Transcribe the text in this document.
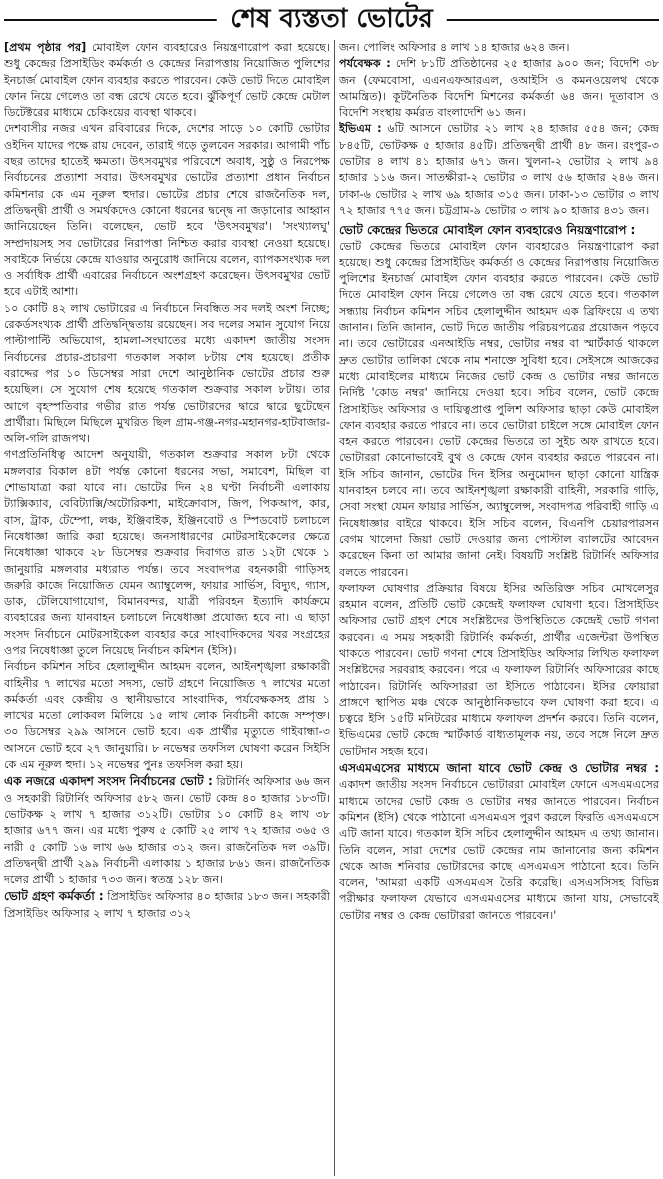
শেষ ব্যস্ততা ভোটের

[প্রথম পৃষ্ঠার পর] মোবাইল ফোন ব্যবহারেও নিয়ন্ত্রণারোপ করা হয়েছে। শুধু কেন্দ্রের প্রিসাইডিং কর্মকর্তা ও কেন্দ্রের নিরাপত্তায় নিয়োজিত পুলিশের ইনচার্জ মোবাইল ফোন ব্যবহার করতে পারবেন। কেউ ভোট দিতে মোবাইল ফোন নিয়ে গেলেও তা বন্ধ রেখে যেতে হবে। ঝুঁকিপূর্ণ ভোট কেন্দ্রে মেটাল ডিটেক্টরের মাধ্যমে চেকিংয়ের ব্যবস্থা থাকবে।

দেশবাসীর নজর এখন রবিবারের দিকে, দেশের সাড়ে ১০ কোটি ভোটার ওইদিন যাদের পক্ষে রায় দেবেন, তারাই গড়ে তুলবেন সরকার। আগামী পাঁচ বছর তাদের হাতেই ক্ষমতা। উৎসবমুখর পরিবেশে অবাধ, সুষ্ঠু ও নিরপেক্ষ নির্বাচনের প্রত্যাশা সবার। উৎসবমুখর ভোটের প্রত্যাশা প্রধান নির্বাচন কমিশনার কে এম নূরুল হুদার। ভোটের প্রচার শেষে রাজনৈতিক দল, প্রতিদ্বন্দ্বী প্রার্থী ও সমর্থকদেও কোনো ধরনের দ্বন্দ্বে না জড়ানোর আহ্বান জানিয়েছেন তিনি। বলেছেন, ভোট হবে 'উৎসবমুখর'। 'সংখ্যালঘু' সম্প্রদায়সহ সব ভোটারের নিরাপত্তা নিশ্চিত করার ব্যবস্থা নেওয়া হয়েছে। সবাইকে নির্ভয়ে কেন্দ্রে যাওয়ার অনুরোধ জানিয়ে বলেন, ব্যাপকসংখ্যক দল ও সর্বাধিক প্রার্থী এবারের নির্বাচনে অংশগ্রহণ করেছেন। উৎসবমুখর ভোট হবে এটাই আশা।

১০ কোটি ৪২ লাখ ভোটারের এ নির্বাচনে নিবন্ধিত সব দলই অংশ নিচ্ছে; রেকর্ডসংখ্যক প্রার্থী প্রতিদ্বন্দ্বিতায় রয়েছেন। সব দলের সমান সুযোগ নিয়ে পাল্টাপাল্টি অভিযোগ, হামলা-সংঘাতের মধ্যে একাদশ জাতীয় সংসদ নির্বাচনের প্রচার-প্রচারণা গতকাল সকাল ৮টায় শেষ হয়েছে। প্রতীক বরাদ্দের পর ১০ ডিসেম্বর সারা দেশে আনুষ্ঠানিক ভোটের প্রচার শুরু হয়েছিল। সে সুযোগ শেষ হয়েছে গতকাল শুক্রবার সকাল ৮টায়। তার আগে বৃহস্পতিবার গভীর রাত পর্যন্ত ভোটারদের দ্বারে দ্বারে ছুটেছেন প্রার্থীরা। মিছিলে মিছিলে মুখরিত ছিল গ্রাম-গঞ্জ-নগর-মহানগর-হাটবাজার-অলি-গলি রাজপথ।

গণপ্রতিনিধিত্ব আদেশ অনুযায়ী, গতকাল শুক্রবার সকাল ৮টা থেকে মঙ্গলবার বিকাল ৪টা পর্যন্ত কোনো ধরনের সভা, সমাবেশ, মিছিল বা শোভাযাত্রা করা যাবে না। ভোটের দিন ২৪ ঘণ্টা নির্বাচনী এলাকায় ট্যাক্সিক্যাব, বেবিট্যাক্সি/অটোরিকশা, মাইক্রোবাস, জিপ, পিকআপ, কার, বাস, ট্রাক, টেম্পো, লঞ্চ, ইঞ্জিবাইক, ইঞ্জিনবোট ও স্পিডবোট চলাচলে নিষেধাজ্ঞা জারি করা হয়েছে। জনসাধারণের মোটরসাইকেলের ক্ষেত্রে নিষেধাজ্ঞা থাকবে ২৮ ডিসেম্বর শুক্রবার দিবাগত রাত ১২টা থেকে ১ জানুয়ারি মঙ্গলবার মধ্যরাত পর্যন্ত। তবে সংবাদপত্র বহনকারী গাড়িসহ জরুরি কাজে নিয়োজিত যেমন অ্যাম্বুলেন্স, ফায়ার সার্ভিস, বিদ্যুৎ, গ্যাস, ডাক, টেলিযোগাযোগ, বিমানবন্দর, যাত্রী পরিবহন ইত্যাদি কার্যক্রমে ব্যবহারের জন্য যানবাহন চলাচলে নিষেধাজ্ঞা প্রযোজ্য হবে না। এ ছাড়া সংসদ নির্বাচনে মোটরসাইকেল ব্যবহার করে সাংবাদিকদের খবর সংগ্রহের ওপর নিষেধাজ্ঞা তুলে নিয়েছে নির্বাচন কমিশন (ইসি)।

নির্বাচন কমিশন সচিব হেলালুদ্দীন আহমদ বলেন, আইনশৃঙ্খলা রক্ষাকারী বাহিনীর ৭ লাখের মতো সদস্য, ভোট গ্রহণে নিয়োজিত ৭ লাখের মতো কর্মকর্তা এবং কেন্দ্রীয় ও স্থানীয়ভাবে সাংবাদিক, পর্যবেক্ষকসহ প্রায় ১ লাখের মতো লোকবল মিলিয়ে ১৫ লাখ লোক নির্বাচনী কাজে সম্পৃক্ত। ৩০ ডিসেম্বর ২৯৯ আসনে ভোট হবে। এক প্রার্থীর মৃত্যুতে গাইবান্ধা-৩ আসনে ভোট হবে ২৭ জানুয়ারি। ৮ নভেম্বর তফসিল ঘোষণা করেন সিইসি কে এম নূরুল হুদা। ১২ নভেম্বর পুনঃ তফসিল করা হয়।

এক নজরে একাদশ সংসদ নির্বাচনের ভোট : রিটার্নিং অফিসার ৬৬ জন ও সহকারী রিটার্নিং অফিসার ৫৮২ জন। ভোট কেন্দ্র ৪০ হাজার ১৮৩টি। ভোটকক্ষ ২ লাখ ৭ হাজার ৩১২টি। ভোটার ১০ কোটি ৪২ লাখ ৩৮ হাজার ৬৭৭ জন। এর মধ্যে পুরুষ ৫ কোটি ২৫ লাখ ৭২ হাজার ৩৬৫ ও নারী ৫ কোটি ১৬ লাখ ৬৬ হাজার ৩১২ জন। রাজনৈতিক দল ৩৯টি। প্রতিদ্বন্দ্বী প্রার্থী ২৯৯ নির্বাচনী এলাকায় ১ হাজার ৮৬১ জন। রাজনৈতিক দলের প্রার্থী ১ হাজার ৭৩৩ জন। স্বতন্ত্র ১২৮ জন।

ভোট গ্রহণ কর্মকর্তা : প্রিসাইডিং অফিসার ৪০ হাজার ১৮৩ জন। সহকারী প্রিসাইডিং অফিসার ২ লাখ ৭ হাজার ৩১২

জন। পোলিং অফিসার ৪ লাখ ১৪ হাজার ৬২৪ জন।

পর্যবেক্ষক : দেশি ৮১টি প্রতিষ্ঠানের ২৫ হাজার ৯০০ জন; বিদেশি ৩৮ জন (ফেমবোসা, এএনএফআরএল, ওআইসি ও কমনওয়েলথ থেকে আমন্ত্রিত)। কূটনৈতিক বিদেশি মিশনের কর্মকর্তা ৬৪ জন। দূতাবাস ও বিদেশি সংস্থায় কর্মরত বাংলাদেশি ৬১ জন।

ইভিএম : ৬টি আসনে ভোটার ২১ লাখ ২৪ হাজার ৫৫৪ জন; কেন্দ্র ৮৪৫টি, ভোটকক্ষ ৫ হাজার ৪৫টি। প্রতিদ্বন্দ্বী প্রার্থী ৪৮ জন। রংপুর-৩ ভোটার ৪ লাখ ৪১ হাজার ৬৭১ জন। খুলনা-২ ভোটার ২ লাখ ৯৪ হাজার ১১৬ জন। সাতক্ষীরা-২ ভোটার ৩ লাখ ৫৬ হাজার ২৪৬ জন। ঢাকা-৬ ভোটার ২ লাখ ৬৯ হাজার ৩১৫ জন। ঢাকা-১৩ ভোটার ৩ লাখ ৭২ হাজার ৭৭৫ জন। চট্টগ্রাম-৯ ভোটার ৩ লাখ ৯০ হাজার ৪৩১ জন।

ভোট কেন্দ্রের ভিতরে মোবাইল ফোন ব্যবহারেও নিয়ন্ত্রণারোপ :

ভোট কেন্দ্রের ভিতরে মোবাইল ফোন ব্যবহারেও নিয়ন্ত্রণারোপ করা হয়েছে। শুধু কেন্দ্রের প্রিসাইডিং কর্মকর্তা ও কেন্দ্রের নিরাপত্তায় নিয়োজিত পুলিশের ইনচার্জ মোবাইল ফোন ব্যবহার করতে পারবেন। কেউ ভোট দিতে মোবাইল ফোন নিয়ে গেলেও তা বন্ধ রেখে যেতে হবে। গতকাল সন্ধ্যায় নির্বাচন কমিশন সচিব হেলালুদ্দীন আহমদ এক ব্রিফিংয়ে এ তথ্য জানান। তিনি জানান, ভোট দিতে জাতীয় পরিচয়পত্রের প্রয়োজন পড়বে না। তবে ভোটারের এনআইডি নম্বর, ভোটার নম্বর বা স্মার্টকার্ড থাকলে দ্রুত ভোটার তালিকা থেকে নাম শনাক্তে সুবিধা হবে। সেইসঙ্গে আজকের মধ্যে মোবাইলের মাধ্যমে নিজের ভোট কেন্দ্র ও ভোটার নম্বর জানতে নির্দিষ্ট 'কোড নম্বর' জানিয়ে দেওয়া হবে। সচিব বলেন, ভোট কেন্দ্রে প্রিসাইডিং অফিসার ও দায়িত্বপ্রাপ্ত পুলিশ অফিসার ছাড়া কেউ মোবাইল ফোন ব্যবহার করতে পারবে না। তবে ভোটারা চাইলে সঙ্গে মোবাইল ফোন বহন করতে পারবেন। ভোট কেন্দ্রের ভিতরে তা সুইচ অফ রাখতে হবে। ভোটাররা কোনোভাবেই বুথ ও কেন্দ্রে ফোন ব্যবহার করতে পারবেন না। ইসি সচিব জানান, ভোটের দিন ইসির অনুমোদন ছাড়া কোনো যান্ত্রিক যানবাহন চলবে না। তবে আইনশৃঙ্খলা রক্ষাকারী বাহিনী, সরকারি গাড়ি, সেবা সংস্থা যেমন ফায়ার সার্ভিস, অ্যাম্বুলেন্স, সংবাদপত্র পরিবাহী গাড়ি এ নিষেধাজ্ঞার বাইরে থাকবে। ইসি সচিব বলেন, বিএনপি চেয়ারপারসন বেগম খালেদা জিয়া ভোট দেওয়ার জন্য পোস্টাল ব্যালটের আবেদন করেছেন কিনা তা আমার জানা নেই। বিষয়টি সংশ্লিষ্ট রিটার্নিং অফিসার বলতে পারবেন।

ফলাফল ঘোষণার প্রক্রিয়ার বিষয়ে ইসির অতিরিক্ত সচিব মোখলেসুর রহমান বলেন, প্রতিটি ভোট কেন্দ্রেই ফলাফল ঘোষণা হবে। প্রিসাইডিং অফিসার ভোট গ্রহণ শেষে সংশ্লিষ্টদের উপস্থিতিতে কেন্দ্রেই ভোট গণনা করবেন। এ সময় সহকারী রিটার্নিং কর্মকর্তা, প্রার্থীর এজেন্টরা উপস্থিত থাকতে পারবেন। ভোট গণনা শেষে প্রিসাইডিং অফিসার লিখিত ফলাফল সংশ্লিষ্টদের সরবরাহ করবেন। পরে এ ফলাফল রিটার্নিং অফিসারের কাছে পাঠাবেন। রিটার্নিং অফিসাররা তা ইসিতে পাঠাবেন। ইসির ফোয়ারা প্রাঙ্গণে স্থাপিত মঞ্চ থেকে আনুষ্ঠানিকভাবে ফল ঘোষণা করা হবে। এ চত্বরে ইসি ১৫টি মনিটরের মাধ্যমে ফলাফল প্রদর্শন করবে। তিনি বলেন, ইভিএমের ভোট কেন্দ্রে স্মার্টকার্ড বাধ্যতামূলক নয়, তবে সঙ্গে নিলে দ্রুত ভোটদান সহজ হবে।

এসএমএসের মাধ্যমে জানা যাবে ভোট কেন্দ্র ও ভোটার নম্বর : একাদশ জাতীয় সংসদ নির্বাচনে ভোটাররা মোবাইল ফোনে এসএমএসের মাধ্যমে তাদের ভোট কেন্দ্র ও ভোটার নম্বর জানতে পারবেন। নির্বাচন কমিশন (ইসি) থেকে পাঠানো এসএমএস পুরণ করলে ফিরতি এসএমএসে এটি জানা যাবে। গতকাল ইসি সচিব হেলালুদ্দীন আহমদ এ তথ্য জানান। তিনি বলেন, সারা দেশের ভোট কেন্দ্রের নাম জানানোর জন্য কমিশন থেকে আজ শনিবার ভোটারদের কাছে এসএমএস পাঠানো হবে। তিনি বলেন, 'আমরা একটি এসএমএস তৈরি করেছি। এসএসসিসহ বিভিন্ন পরীক্ষার ফলাফল যেভাবে এসএমএসের মাধ্যমে জানা যায়, সেভাবেই ভোটার নম্বর ও কেন্দ্র ভোটাররা জানতে পারবেন।'
